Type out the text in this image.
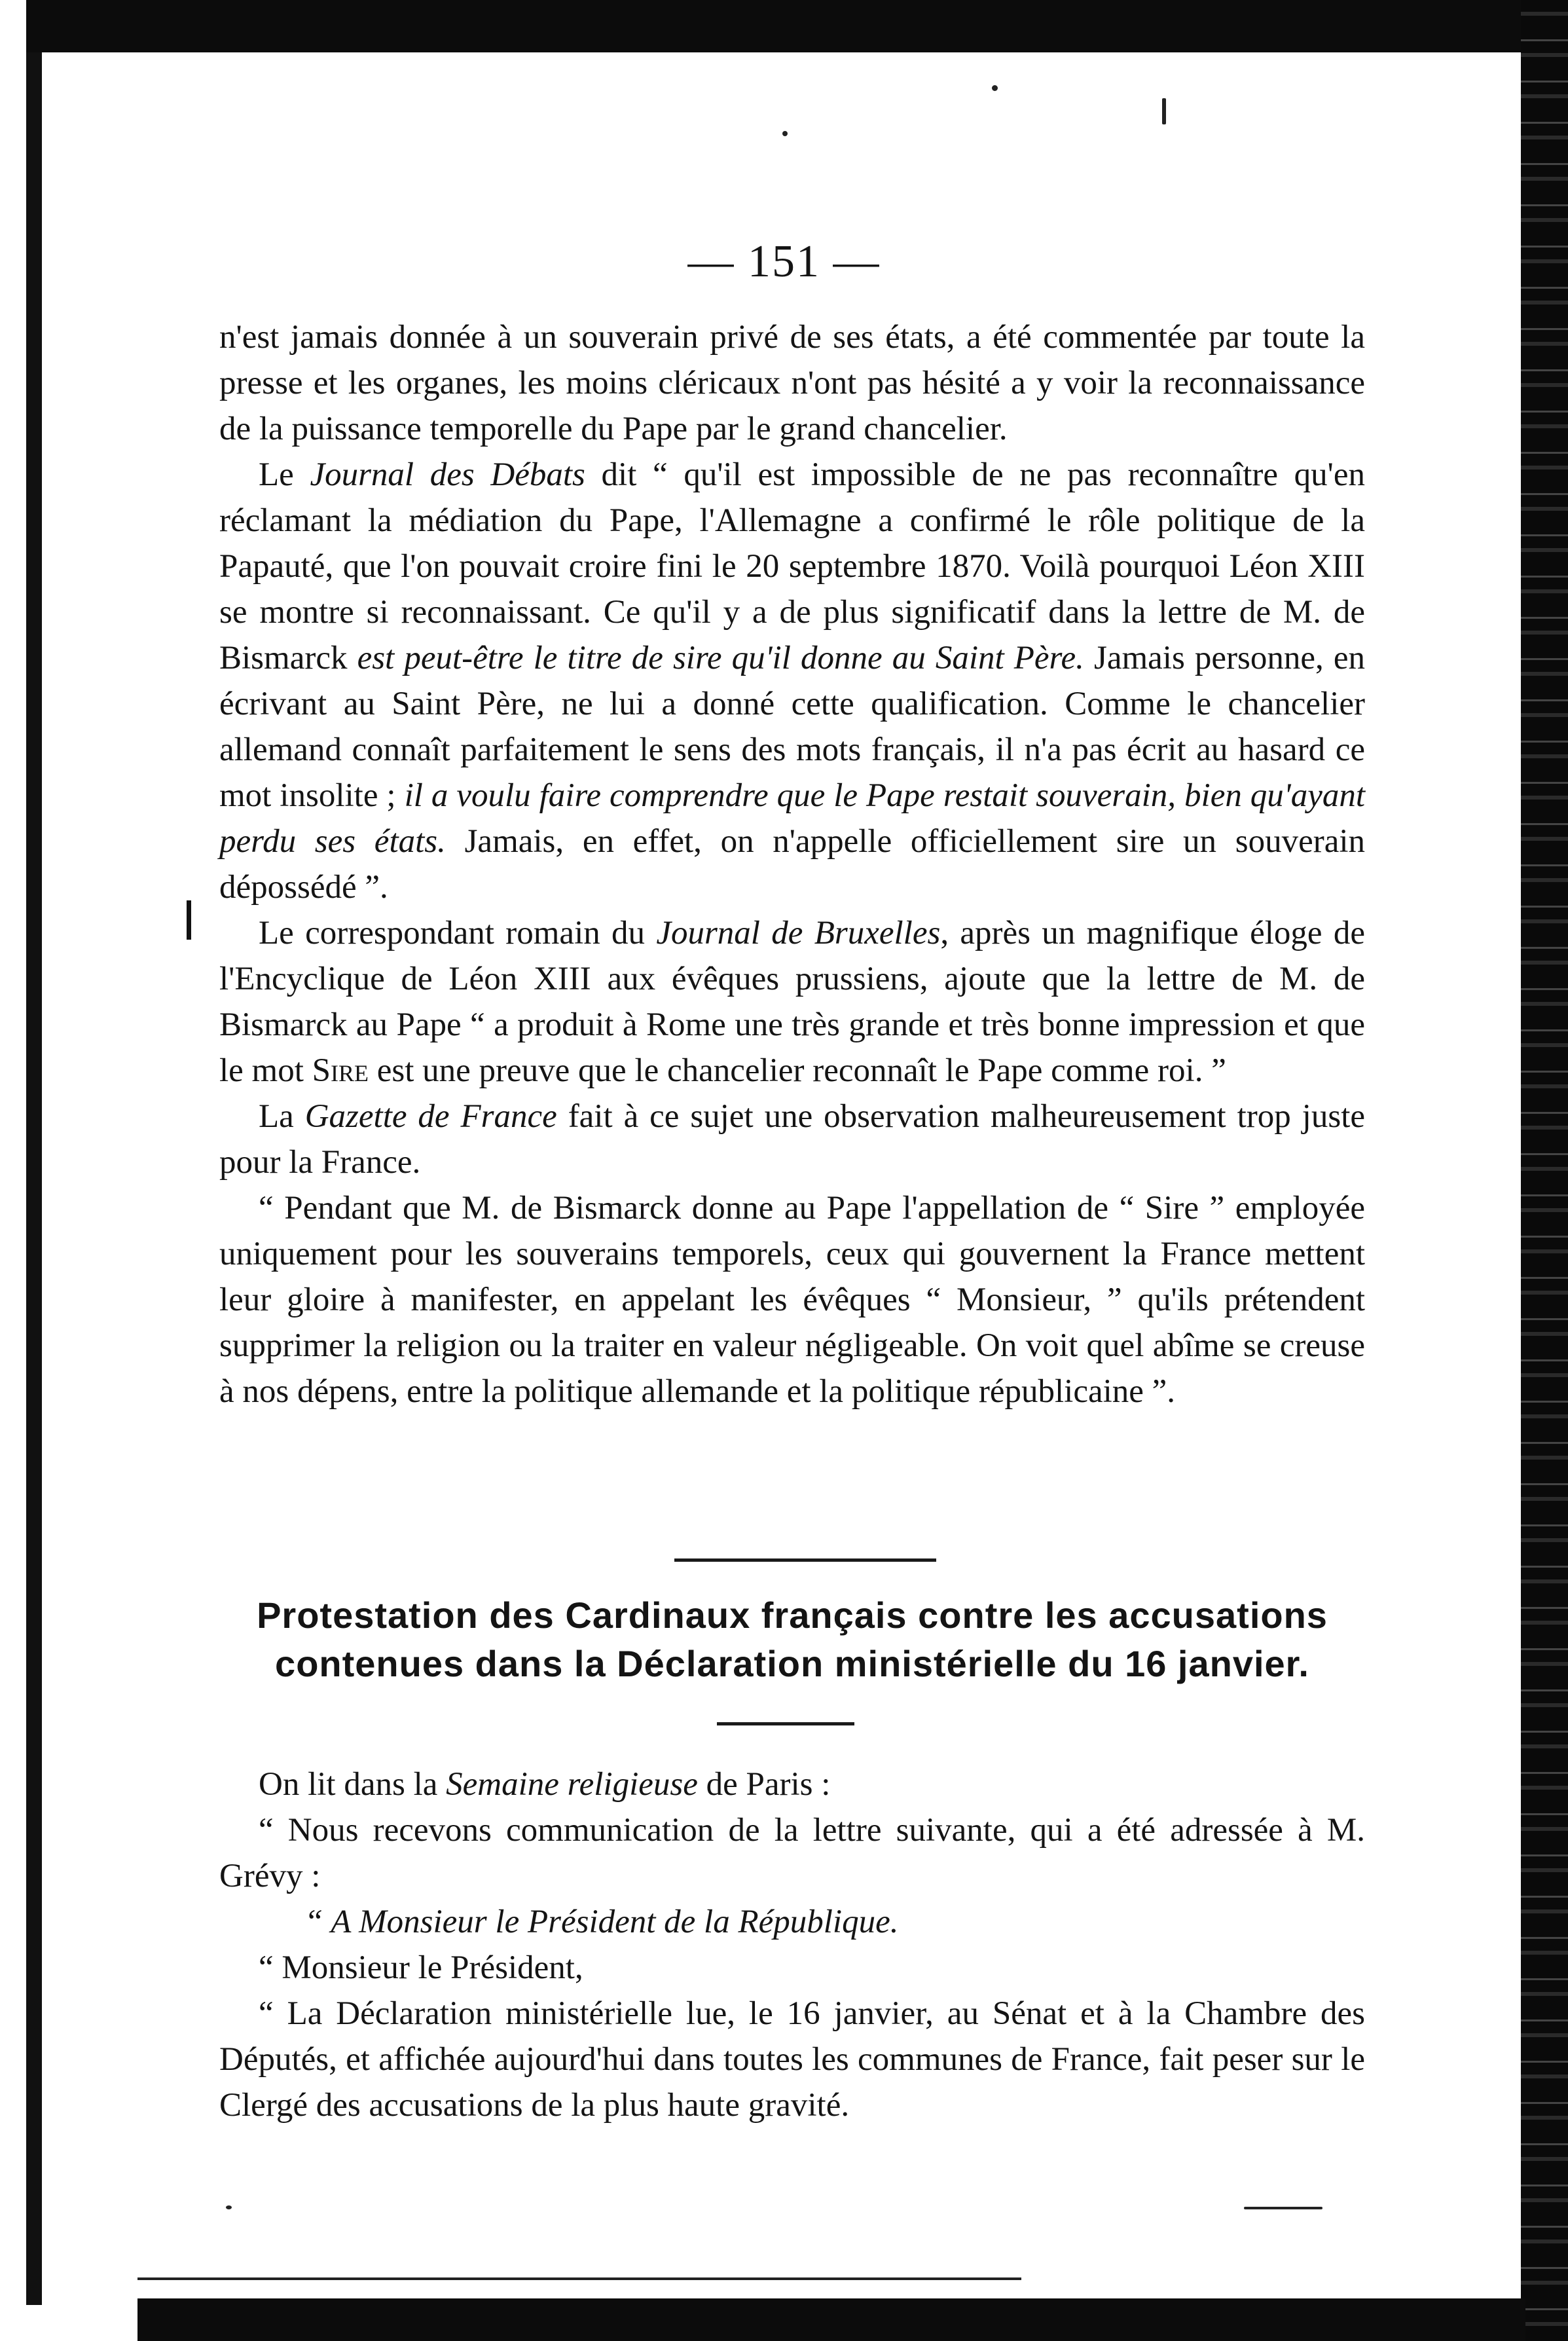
— 151 —

n'est jamais donnée à un souverain privé de ses états, a été commentée par toute la presse et les organes, les moins cléricaux n'ont pas hésité a y voir la reconnaissance de la puissance temporelle du Pape par le grand chancelier.

Le Journal des Débats dit “ qu'il est impossible de ne pas reconnaître qu'en réclamant la médiation du Pape, l'Allemagne a confirmé le rôle politique de la Papauté, que l'on pouvait croire fini le 20 septembre 1870. Voilà pourquoi Léon XIII se montre si reconnaissant. Ce qu'il y a de plus significatif dans la lettre de M. de Bismarck est peut-être le titre de sire qu'il donne au Saint Père. Jamais personne, en écrivant au Saint Père, ne lui a donné cette qualification. Comme le chancelier allemand connaît parfaitement le sens des mots français, il n'a pas écrit au hasard ce mot insolite ; il a voulu faire comprendre que le Pape restait souverain, bien qu'ayant perdu ses états. Jamais, en effet, on n'appelle officiellement sire un souverain dépossédé ”.

Le correspondant romain du Journal de Bruxelles, après un magnifique éloge de l'Encyclique de Léon XIII aux évêques prussiens, ajoute que la lettre de M. de Bismarck au Pape “ a produit à Rome une très grande et très bonne impression et que le mot Sire est une preuve que le chancelier reconnaît le Pape comme roi. ”

La Gazette de France fait à ce sujet une observation malheureusement trop juste pour la France.

“ Pendant que M. de Bismarck donne au Pape l'appellation de “ Sire ” employée uniquement pour les souverains temporels, ceux qui gouvernent la France mettent leur gloire à manifester, en appelant les évêques “ Monsieur, ” qu'ils prétendent supprimer la religion ou la traiter en valeur négligeable. On voit quel abîme se creuse à nos dépens, entre la politique allemande et la politique républicaine ”.

Protestation des Cardinaux français contre les accusations
contenues dans la Déclaration ministérielle du 16 janvier.

On lit dans la Semaine religieuse de Paris :

“ Nous recevons communication de la lettre suivante, qui a été adressée à M. Grévy :

“ A Monsieur le Président de la République.

“ Monsieur le Président,

“ La Déclaration ministérielle lue, le 16 janvier, au Sénat et à la Chambre des Députés, et affichée aujourd'hui dans toutes les communes de France, fait peser sur le Clergé des accusations de la plus haute gravité.
